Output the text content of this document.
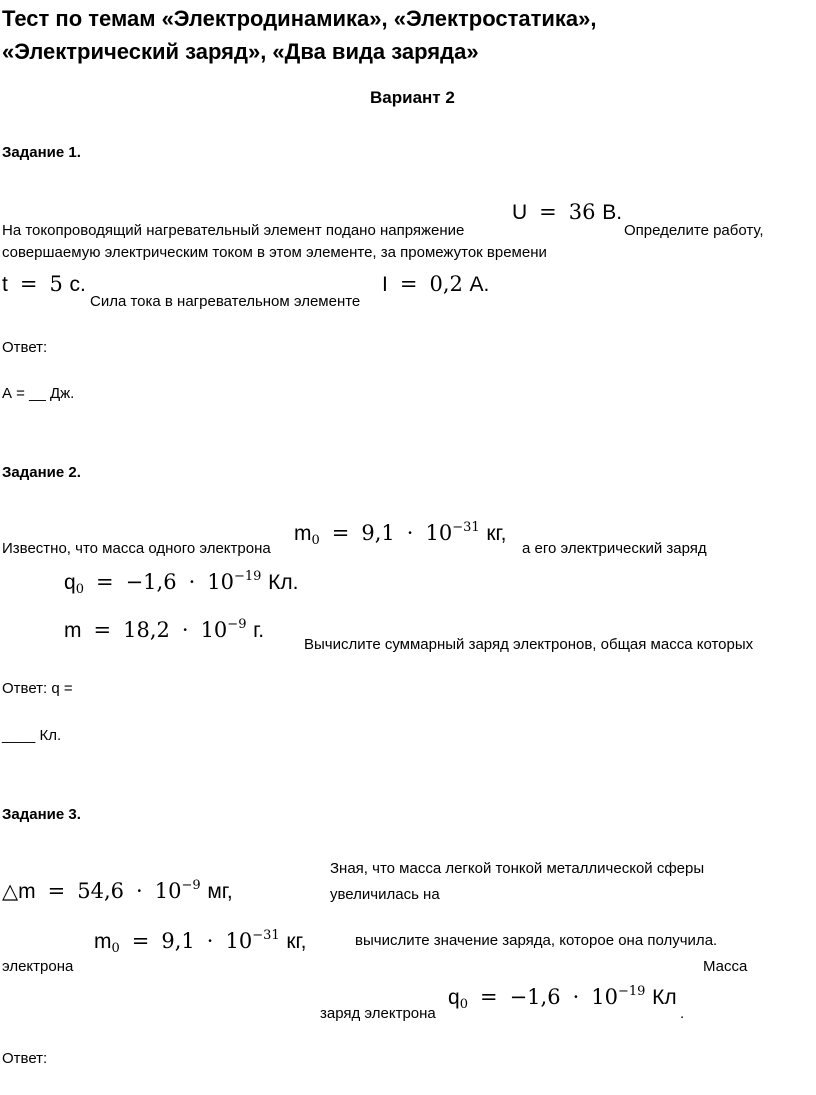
Тест по темам «Электродинамика», «Электростатика»,
«Электрический заряд», «Два вида заряда»
Вариант 2
Задание 1.
U = 36 В.
На токопроводящий нагревательный элемент подано напряжение	Определите работу,
совершаемую электрическим током в этом элементе, за промежуток времени
t = 5 с.
Сила тока в нагревательном элементе
I = 0,2 А.
Ответ:
А = __ Дж.
Задание 2.
Известно, что масса одного электрона
$m_0 = 9,1 \cdot 10^{-31}$ кг,
а его электрический заряд
$q_0 = -1,6 \cdot 10^{-19}$ Кл.
$m = 18,2 \cdot 10^{-9}$ г.
Вычислите суммарный заряд электронов, общая масса которых
Ответ: q =
____ Кл.
Задание 3.
Зная, что масса легкой тонкой металлической сферы
увеличилась на
△m = $54,6 \cdot 10^{-9}$ мг,
$m_0 = 9,1 \cdot 10^{-31}$ кг,	вычислите значение заряда, которое она получила.
электрона	Масса
заряд электрона
$q_0 = -1,6 \cdot 10^{-19}$ Кл
.
Ответ:
